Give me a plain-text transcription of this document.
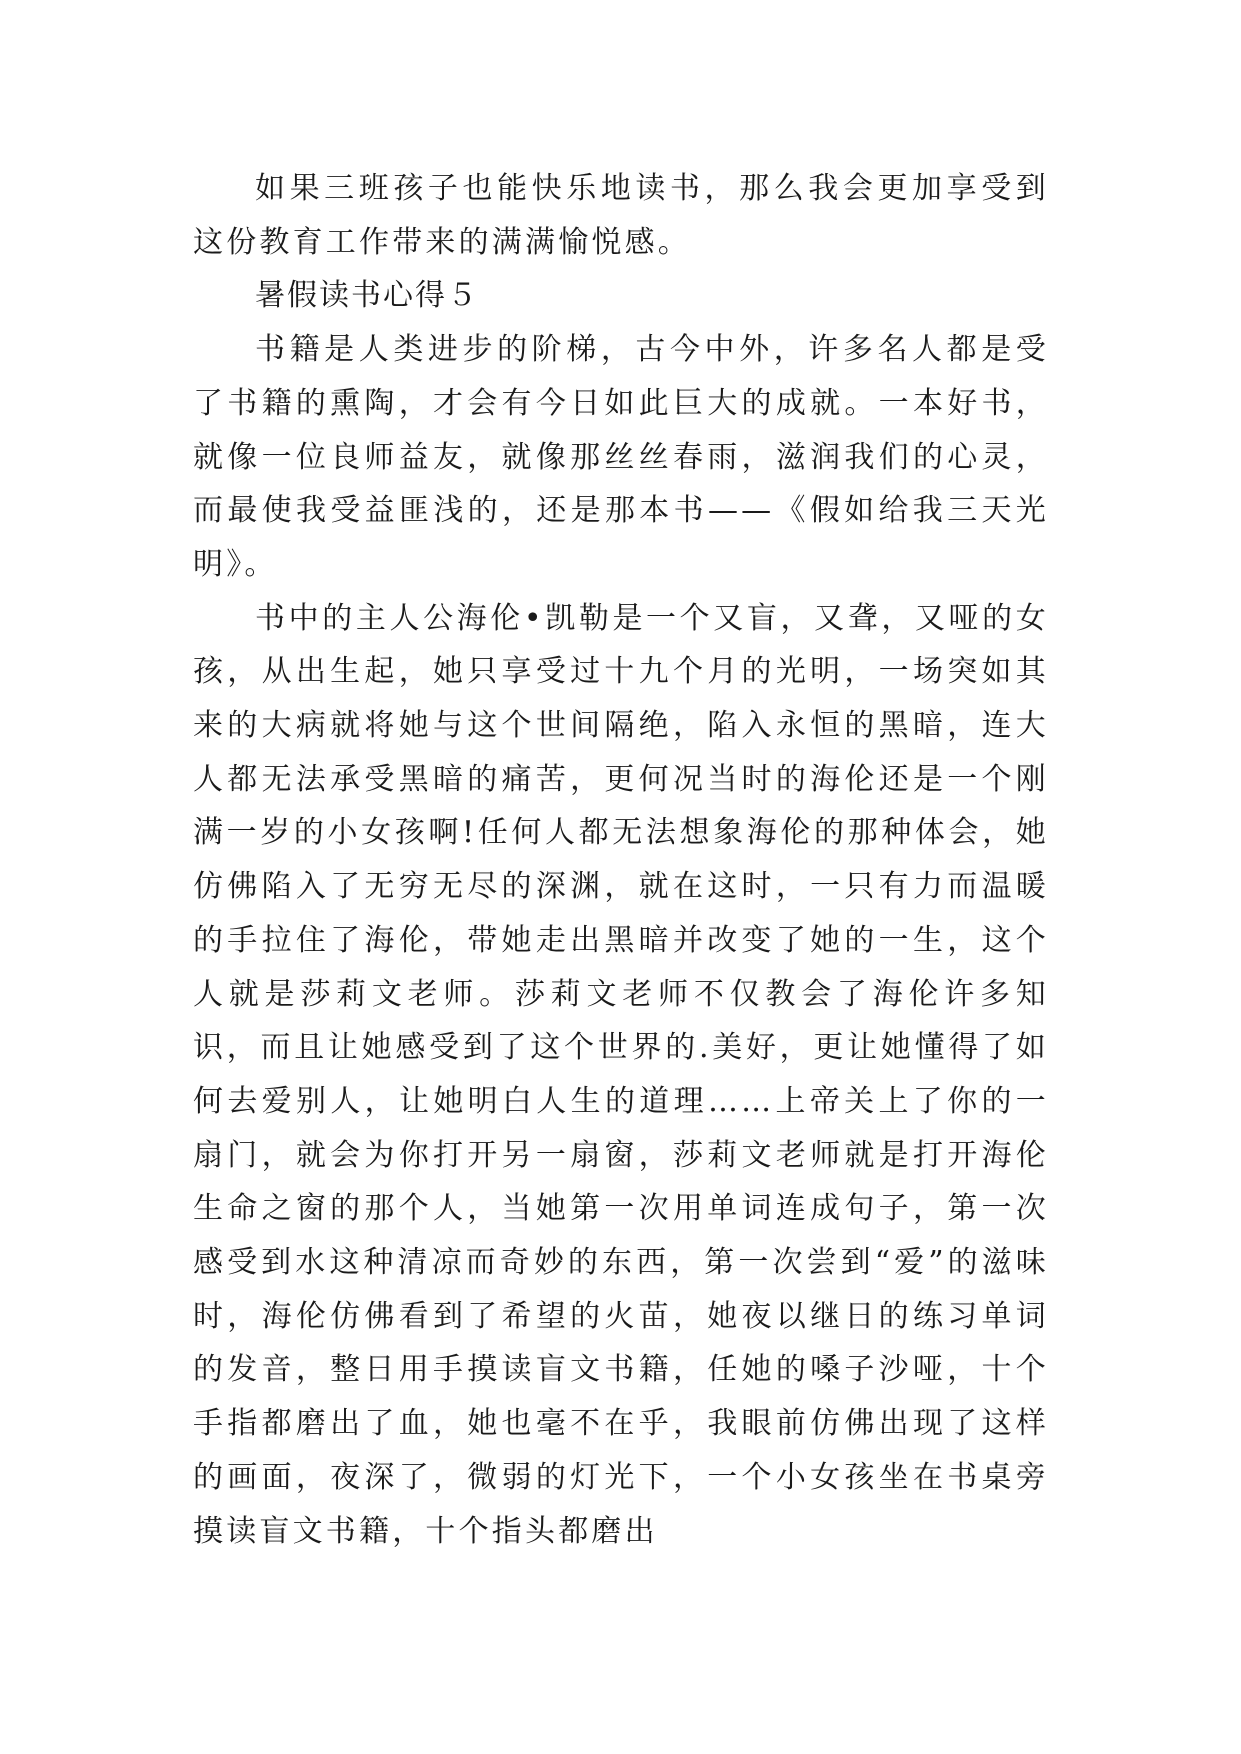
如果三班孩子也能快乐地读书，那么我会更加享受到这份教育工作带来的满满愉悦感。

暑假读书心得５

书籍是人类进步的阶梯，古今中外，许多名人都是受了书籍的熏陶，才会有今日如此巨大的成就。一本好书，就像一位良师益友，就像那丝丝春雨，滋润我们的心灵，而最使我受益匪浅的，还是那本书——《假如给我三天光明》。

书中的主人公海伦•凯勒是一个又盲，又聋，又哑的女孩，从出生起，她只享受过十九个月的光明，一场突如其来的大病就将她与这个世间隔绝，陷入永恒的黑暗，连大人都无法承受黑暗的痛苦，更何况当时的海伦还是一个刚满一岁的小女孩啊!任何人都无法想象海伦的那种体会，她仿佛陷入了无穷无尽的深渊，就在这时，一只有力而温暖的手拉住了海伦，带她走出黑暗并改变了她的一生，这个人就是莎莉文老师。莎莉文老师不仅教会了海伦许多知识，而且让她感受到了这个世界的.美好，更让她懂得了如何去爱别人，让她明白人生的道理……上帝关上了你的一扇门，就会为你打开另一扇窗，莎莉文老师就是打开海伦生命之窗的那个人，当她第一次用单词连成句子，第一次感受到水这种清凉而奇妙的东西，第一次尝到“爱”的滋味时，海伦仿佛看到了希望的火苗，她夜以继日的练习单词的发音，整日用手摸读盲文书籍，任她的嗓子沙哑，十个手指都磨出了血，她也毫不在乎，我眼前仿佛出现了这样的画面，夜深了，微弱的灯光下，一个小女孩坐在书桌旁摸读盲文书籍，十个指头都磨出
